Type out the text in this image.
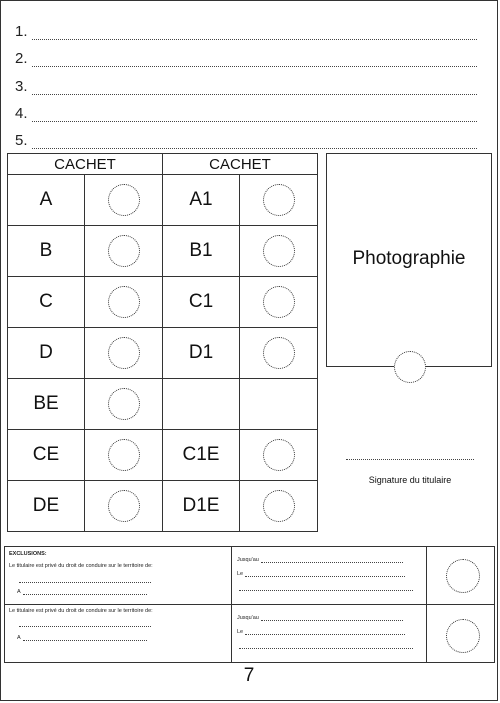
1.
2.
3.
4.
5.
CACHET		CACHET	
A		A1	

B		B1	

C		C1	

D		D1	

BE	

CE		C1E	

DE		D1E	
Photographie
Signature du titulaire
EXCLUSIONS:
Le titulaire est privé du droit de conduire sur le territoire de:
A
Jusqu'au
Le
Le titulaire est privé du droit de conduire sur le territoire de:
A
Jusqu'au
Le
7
